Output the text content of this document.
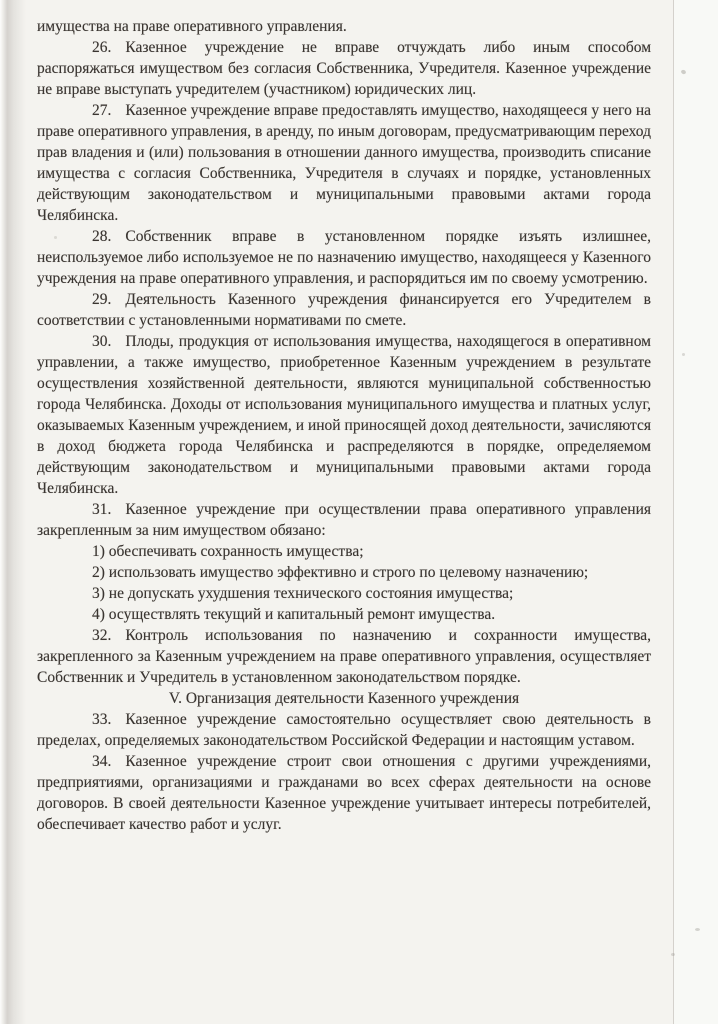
имущества на праве оперативного управления.

26. Казенное учреждение не вправе отчуждать либо иным способом распоряжаться имуществом без согласия Собственника, Учредителя. Казенное учреждение не вправе выступать учредителем (участником) юридических лиц.

27. Казенное учреждение вправе предоставлять имущество, находящееся у него на праве оперативного управления, в аренду, по иным договорам, предусматривающим переход прав владения и (или) пользования в отношении данного имущества, производить списание имущества с согласия Собственника, Учредителя в случаях и порядке, установленных действующим законодательством и муниципальными правовыми актами города Челябинска.

28. Собственник вправе в установленном порядке изъять излишнее, неиспользуемое либо используемое не по назначению имущество, находящееся у Казенного учреждения на праве оперативного управления, и распорядиться им по своему усмотрению.

29. Деятельность Казенного учреждения финансируется его Учредителем в соответствии с установленными нормативами по смете.

30. Плоды, продукция от использования имущества, находящегося в оперативном управлении, а также имущество, приобретенное Казенным учреждением в результате осуществления хозяйственной деятельности, являются муниципальной собственностью города Челябинска. Доходы от использования муниципального имущества и платных услуг, оказываемых Казенным учреждением, и иной приносящей доход деятельности, зачисляются в доход бюджета города Челябинска и распределяются в порядке, определяемом действующим законодательством и муниципальными правовыми актами города Челябинска.

31. Казенное учреждение при осуществлении права оперативного управления закрепленным за ним имуществом обязано:

1) обеспечивать сохранность имущества;

2) использовать имущество эффективно и строго по целевому назначению;

3) не допускать ухудшения технического состояния имущества;

4) осуществлять текущий и капитальный ремонт имущества.

32. Контроль использования по назначению и сохранности имущества, закрепленного за Казенным учреждением на праве оперативного управления, осуществляет Собственник и Учредитель в установленном законодательством порядке.

V. Организация деятельности Казенного учреждения

33. Казенное учреждение самостоятельно осуществляет свою деятельность в пределах, определяемых законодательством Российской Федерации и настоящим уставом.

34. Казенное учреждение строит свои отношения с другими учреждениями, предприятиями, организациями и гражданами во всех сферах деятельности на основе договоров. В своей деятельности Казенное учреждение учитывает интересы потребителей, обеспечивает качество работ и услуг.
